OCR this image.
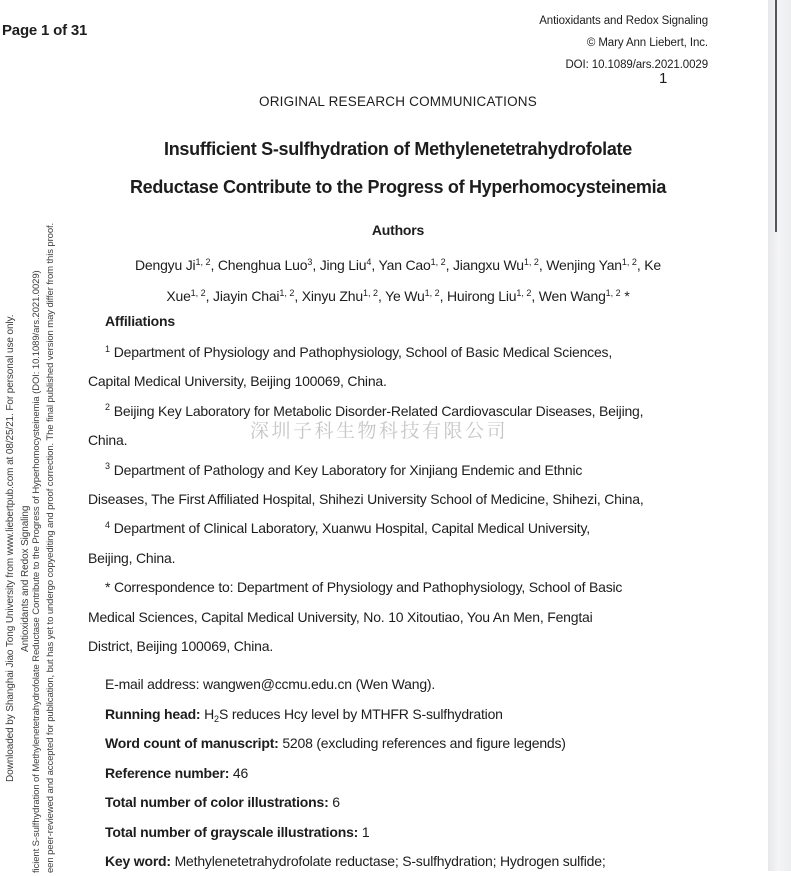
Downloaded by Shanghai Jiao Tong University from www.liebertpub.com at 08/25/21. For personal use only. Antioxidants and Redox Signaling ficient S-sulfhydration of Methylenetetrahydrofolate Reductase Contribute to the Progress of Hyperhomocysteinemia (DOI: 10.1089/ars.2021.0029) een peer-reviewed and accepted for publication, but has yet to undergo copyediting and proof correction. The final published version may differ from this proof.
Page 1 of 31
Antioxidants and Redox Signaling
© Mary Ann Liebert, Inc.
DOI: 10.1089/ars.2021.0029
1
ORIGINAL RESEARCH COMMUNICATIONS
Insufficient S-sulfhydration of Methylenetetrahydrofolate
Reductase Contribute to the Progress of Hyperhomocysteinemia
Authors
Dengyu Ji$^{1, 2}$, Chenghua Luo$^3$, Jing Liu$^4$, Yan Cao$^{1, 2}$, Jiangxu Wu$^{1, 2}$, Wenjing Yan$^{1, 2}$, Ke
Xue$^{1, 2}$, Jiayin Chai$^{1, 2}$, Xinyu Zhu$^{1, 2}$, Ye Wu$^{1, 2}$, Huirong Liu$^{1, 2}$, Wen Wang$^{1, 2}$ *
Affiliations
$^1$ Department of Physiology and Pathophysiology, School of Basic Medical Sciences,
Capital Medical University, Beijing 100069, China.
$^2$ Beijing Key Laboratory for Metabolic Disorder-Related Cardiovascular Diseases, Beijing,
China.
$^3$ Department of Pathology and Key Laboratory for Xinjiang Endemic and Ethnic
Diseases, The First Affiliated Hospital, Shihezi University School of Medicine, Shihezi, China,
$^4$ Department of Clinical Laboratory, Xuanwu Hospital, Capital Medical University,
Beijing, China.
* Correspondence to: Department of Physiology and Pathophysiology, School of Basic
Medical Sciences, Capital Medical University, No. 10 Xitoutiao, You An Men, Fengtai
District, Beijing 100069, China.
E-mail address: wangwen@ccmu.edu.cn (Wen Wang).
Running head: H2S reduces Hcy level by MTHFR S-sulfhydration
Word count of manuscript: 5208 (excluding references and figure legends)
Reference number: 46
Total number of color illustrations: 6
Total number of grayscale illustrations: 1
Key word: Methylenetetrahydrofolate reductase; S-sulfhydration; Hydrogen sulfide;
深圳子科生物科技有限公司
